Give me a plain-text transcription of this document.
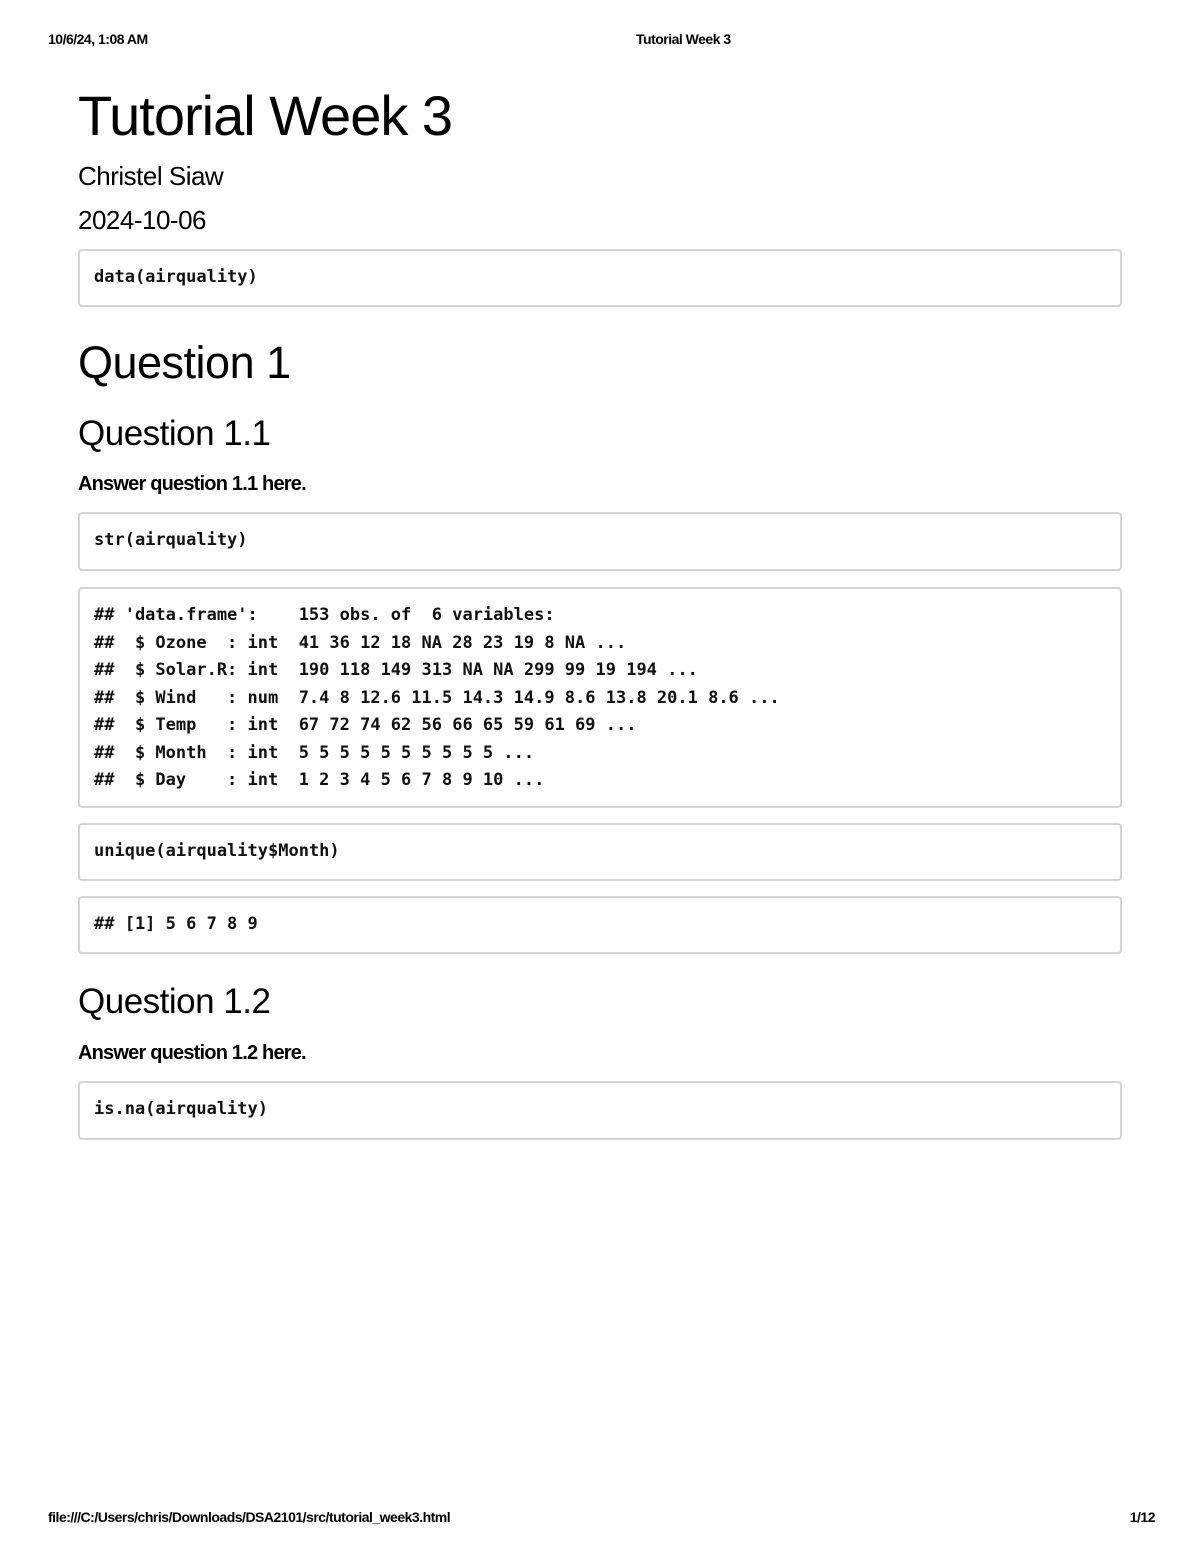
10/6/24, 1:08 AM	Tutorial Week 3
Tutorial Week 3

Christel Siaw

2024-10-06

data(airquality)
Question 1
Question 1.1

Answer question 1.1 here.

str(airquality)
## 'data.frame':    153 obs. of  6 variables:
##  $ Ozone  : int  41 36 12 18 NA 28 23 19 8 NA ...
##  $ Solar.R: int  190 118 149 313 NA NA 299 99 19 194 ...
##  $ Wind   : num  7.4 8 12.6 11.5 14.3 14.9 8.6 13.8 20.1 8.6 ...
##  $ Temp   : int  67 72 74 62 56 66 65 59 61 69 ...
##  $ Month  : int  5 5 5 5 5 5 5 5 5 5 ...
##  $ Day    : int  1 2 3 4 5 6 7 8 9 10 ...
unique(airquality$Month)
## [1] 5 6 7 8 9
Question 1.2

Answer question 1.2 here.

is.na(airquality)
file:///C:/Users/chris/Downloads/DSA2101/src/tutorial_week3.html	1/12
